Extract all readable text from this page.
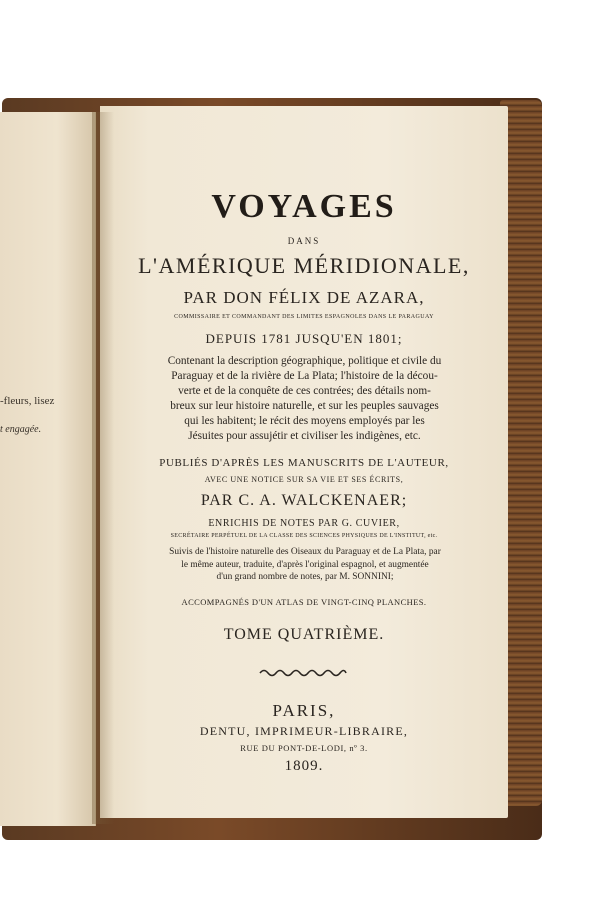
-fleurs, lisez
t engagée.
VOYAGES
DANS
L'AMÉRIQUE MÉRIDIONALE,
PAR DON FÉLIX DE AZARA,
COMMISSAIRE ET COMMANDANT DES LIMITES ESPAGNOLES DANS LE PARAGUAY
DEPUIS 1781 JUSQU'EN 1801;
Contenant la description géographique, politique et civile du
Paraguay et de la rivière de La Plata; l'histoire de la décou-
verte et de la conquête de ces contrées; des détails nom-
breux sur leur histoire naturelle, et sur les peuples sauvages
qui les habitent; le récit des moyens employés par les
Jésuites pour assujétir et civiliser les indigènes, etc.
PUBLIÉS D'APRÈS LES MANUSCRITS DE L'AUTEUR,
AVEC UNE NOTICE SUR SA VIE ET SES ÉCRITS,
PAR C. A. WALCKENAER;
ENRICHIS DE NOTES PAR G. CUVIER,
SECRÉTAIRE PERPÉTUEL DE LA CLASSE DES SCIENCES PHYSIQUES DE L'INSTITUT, etc.
Suivis de l'histoire naturelle des Oiseaux du Paraguay et de La Plata, par
le même auteur, traduite, d'après l'original espagnol, et augmentée
d'un grand nombre de notes, par M. SONNINI;
ACCOMPAGNÉS D'UN ATLAS DE VINGT-CINQ PLANCHES.
TOME QUATRIÈME.
PARIS,
DENTU, IMPRIMEUR-LIBRAIRE,
RUE DU PONT-DE-LODI, nº 3.
1809.
